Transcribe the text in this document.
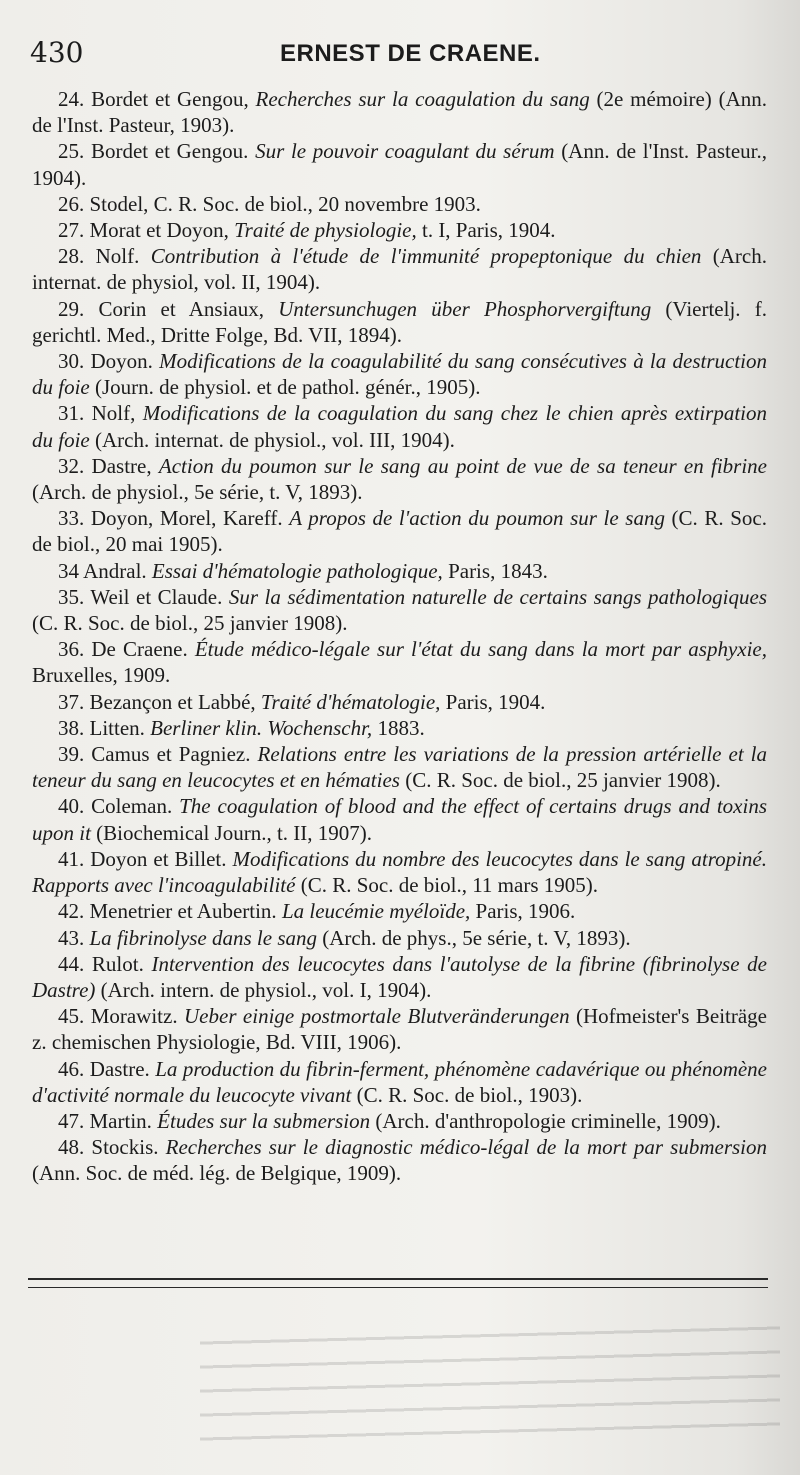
430	ERNEST DE CRAENE.

24. Bordet et Gengou, Recherches sur la coagulation du sang (2e mémoire) (Ann. de l'Inst. Pasteur, 1903).

25. Bordet et Gengou. Sur le pouvoir coagulant du sérum (Ann. de l'Inst. Pasteur., 1904).

26. Stodel, C. R. Soc. de biol., 20 novembre 1903.

27. Morat et Doyon, Traité de physiologie, t. I, Paris, 1904.

28. Nolf. Contribution à l'étude de l'immunité propeptonique du chien (Arch. internat. de physiol, vol. II, 1904).

29. Corin et Ansiaux, Untersunchugen über Phosphorvergiftung (Viertelj. f. gerichtl. Med., Dritte Folge, Bd. VII, 1894).

30. Doyon. Modifications de la coagulabilité du sang consécutives à la destruction du foie (Journ. de physiol. et de pathol. génér., 1905).

31. Nolf, Modifications de la coagulation du sang chez le chien après extirpation du foie (Arch. internat. de physiol., vol. III, 1904).

32. Dastre, Action du poumon sur le sang au point de vue de sa teneur en fibrine (Arch. de physiol., 5e série, t. V, 1893).

33. Doyon, Morel, Kareff. A propos de l'action du poumon sur le sang (C. R. Soc. de biol., 20 mai 1905).

34 Andral. Essai d'hématologie pathologique, Paris, 1843.

35. Weil et Claude. Sur la sédimentation naturelle de certains sangs pathologiques (C. R. Soc. de biol., 25 janvier 1908).

36. De Craene. Étude médico-légale sur l'état du sang dans la mort par asphyxie, Bruxelles, 1909.

37. Bezançon et Labbé, Traité d'hématologie, Paris, 1904.

38. Litten. Berliner klin. Wochenschr, 1883.

39. Camus et Pagniez. Relations entre les variations de la pression artérielle et la teneur du sang en leucocytes et en hématies (C. R. Soc. de biol., 25 janvier 1908).

40. Coleman. The coagulation of blood and the effect of certains drugs and toxins upon it (Biochemical Journ., t. II, 1907).

41. Doyon et Billet. Modifications du nombre des leucocytes dans le sang atropiné. Rapports avec l'incoagulabilité (C. R. Soc. de biol., 11 mars 1905).

42. Menetrier et Aubertin. La leucémie myéloïde, Paris, 1906.

43. La fibrinolyse dans le sang (Arch. de phys., 5e série, t. V, 1893).

44. Rulot. Intervention des leucocytes dans l'autolyse de la fibrine (fibrinolyse de Dastre) (Arch. intern. de physiol., vol. I, 1904).

45. Morawitz. Ueber einige postmortale Blutveränderungen (Hofmeister's Beiträge z. chemischen Physiologie, Bd. VIII, 1906).

46. Dastre. La production du fibrin-ferment, phénomène cadavérique ou phénomène d'activité normale du leucocyte vivant (C. R. Soc. de biol., 1903).

47. Martin. Études sur la submersion (Arch. d'anthropologie criminelle, 1909).

48. Stockis. Recherches sur le diagnostic médico-légal de la mort par submersion (Ann. Soc. de méd. lég. de Belgique, 1909).
